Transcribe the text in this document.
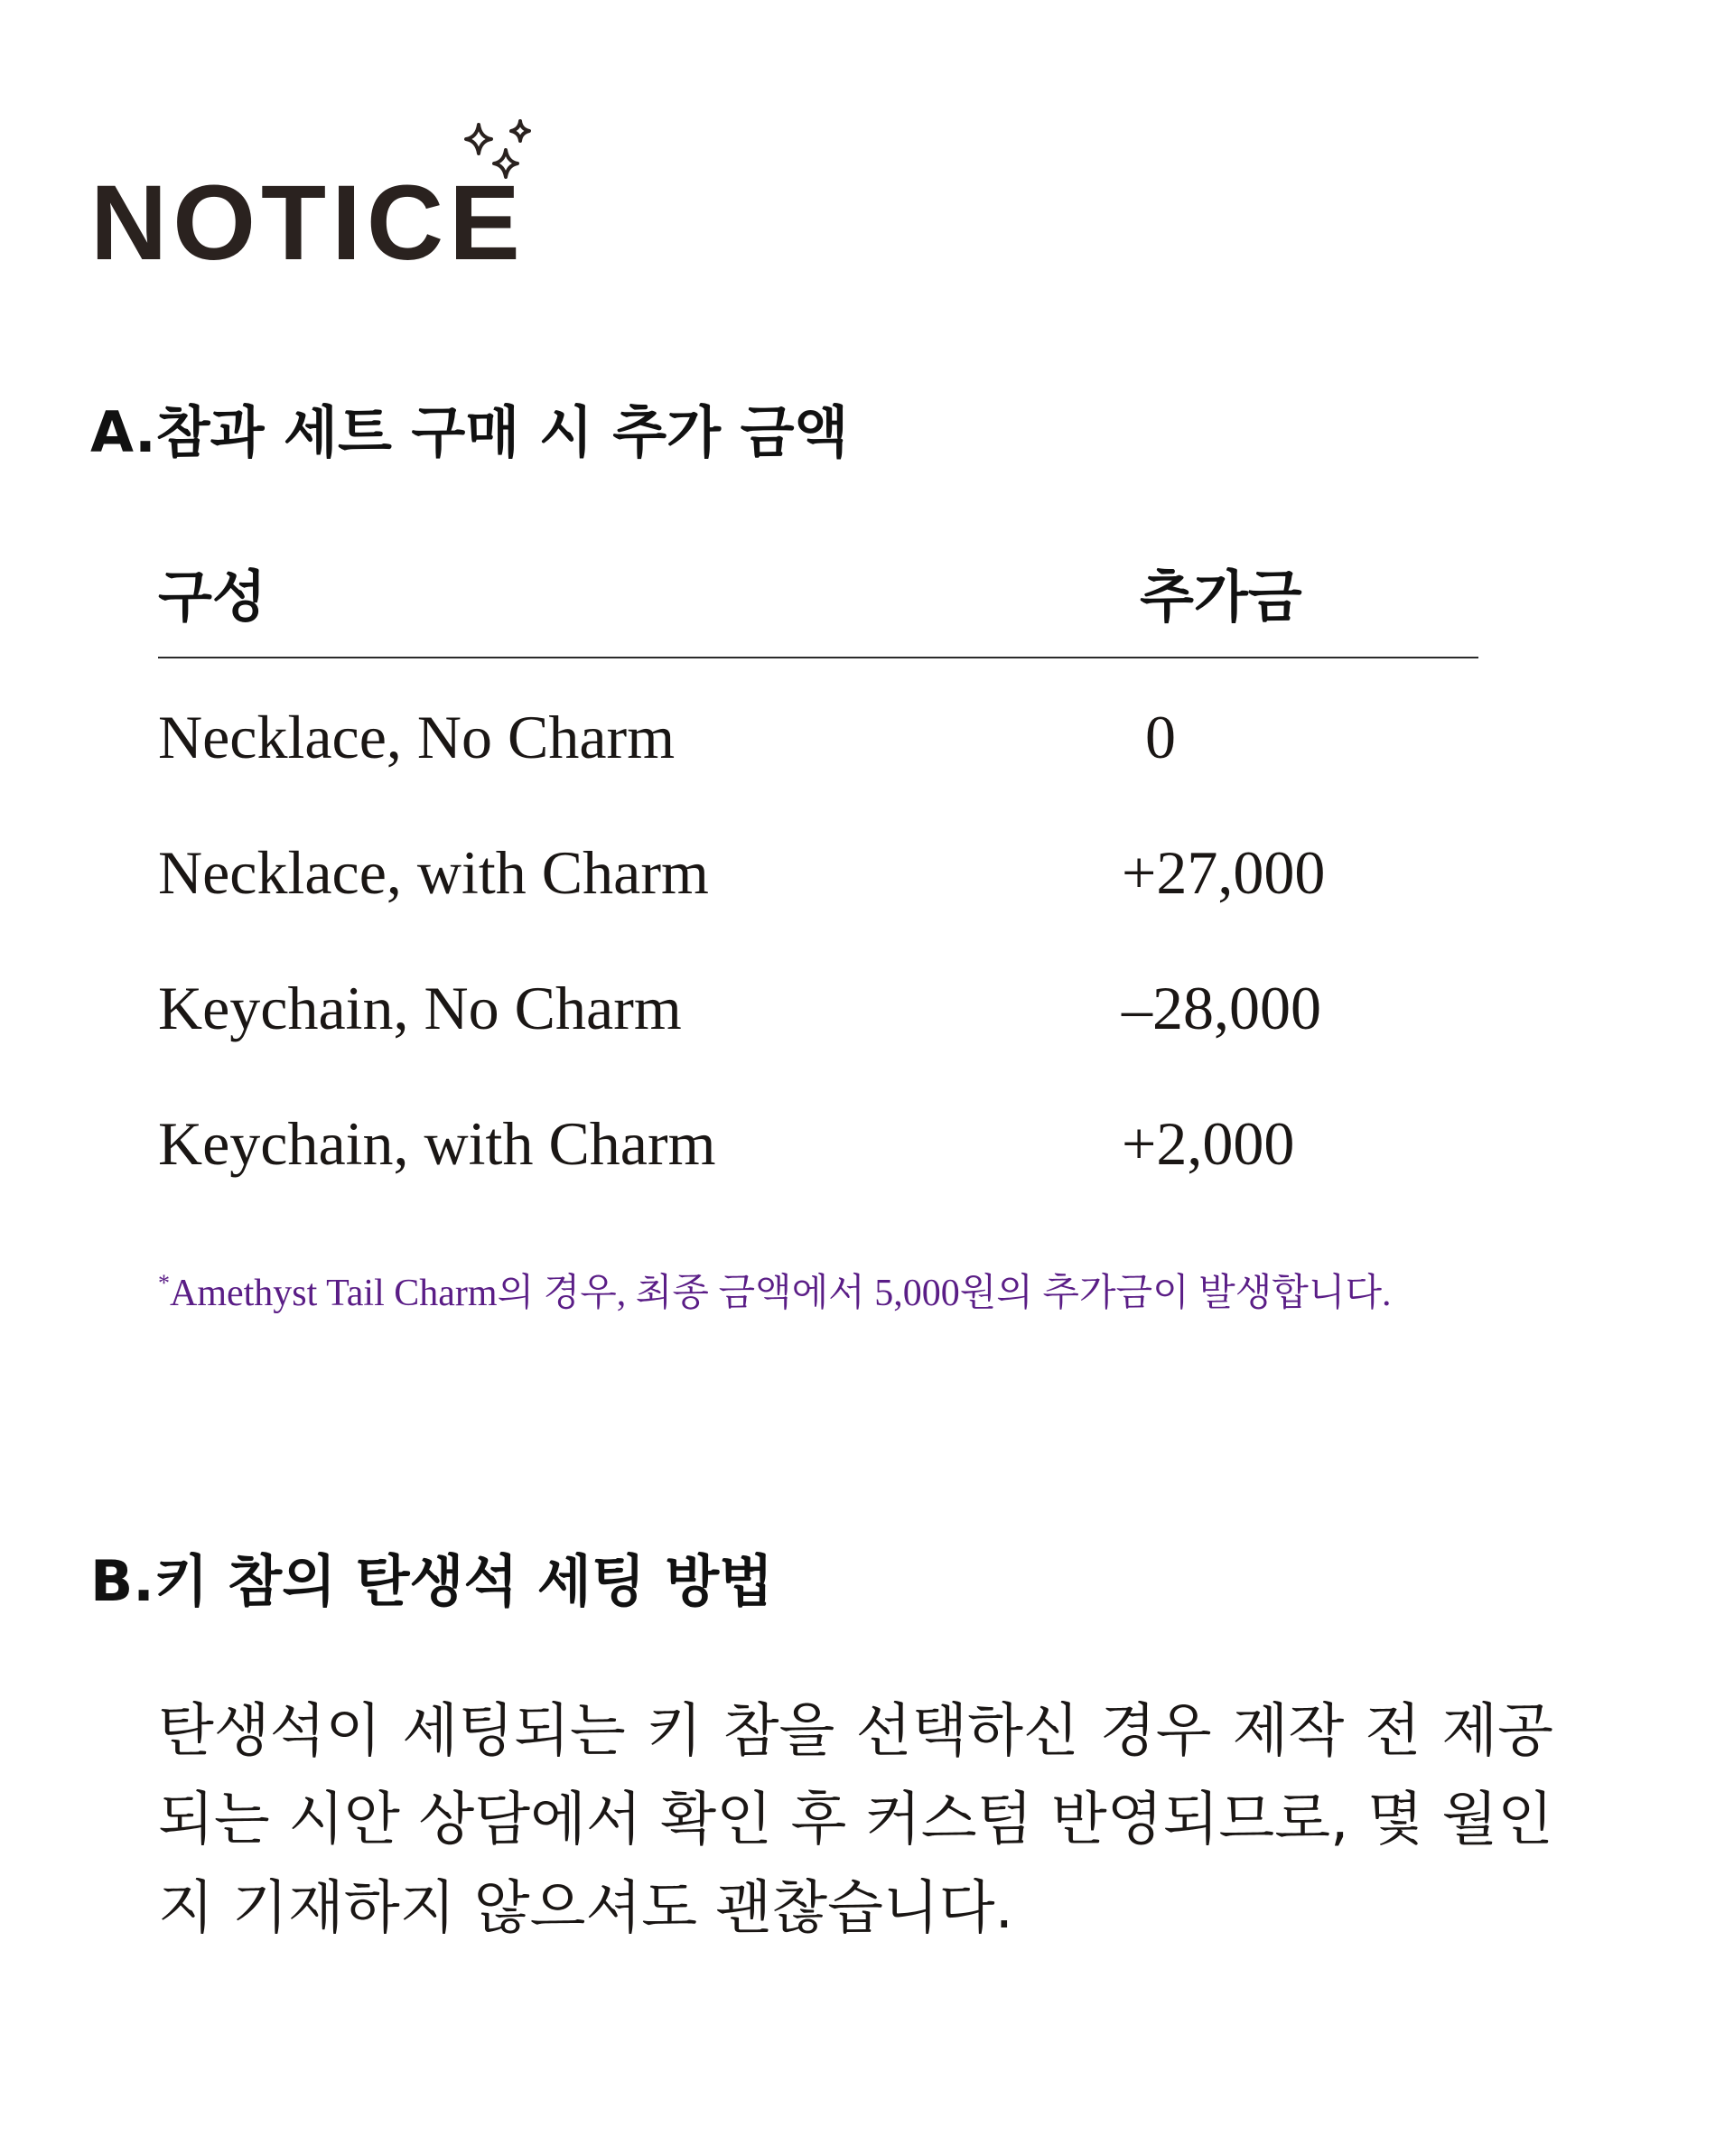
NOTICE
A.참과 세트 구매 시 추가 금액
구성	추가금
Necklace, No Charm	0
Necklace, with Charm	+27,000
Keychain, No Charm	–28,000
Keychain, with Charm	+2,000
*Amethyst Tail Charm의 경우, 최종 금액에서 5,000원의 추가금이 발생합니다.
B.키 참의 탄생석 세팅 방법
탄생석이 세팅되는 키 참을 선택하신 경우 제작 전 제공되는 시안 상담에서 확인 후 커스텀 반영되므로, 몇 월인지 기재하지 않으셔도 괜찮습니다.
